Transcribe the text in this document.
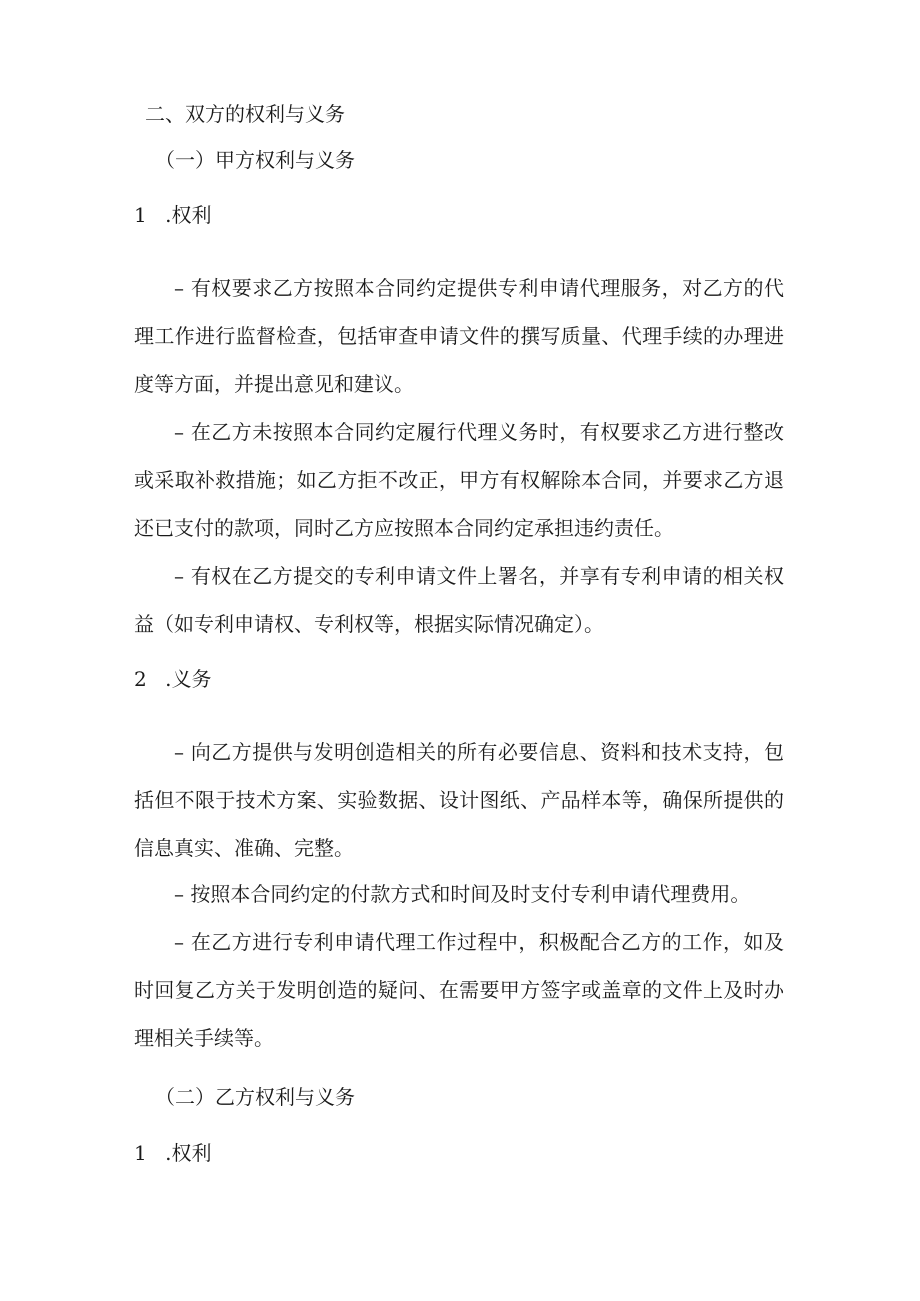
二、双方的权利与义务
（一）甲方权利与义务
1 .权利
– 有权要求乙方按照本合同约定提供专利申请代理服务，对乙方的代
理工作进行监督检查，包括审查申请文件的撰写质量、代理手续的办理进
度等方面，并提出意见和建议。
– 在乙方未按照本合同约定履行代理义务时，有权要求乙方进行整改
或采取补救措施；如乙方拒不改正，甲方有权解除本合同，并要求乙方退
还已支付的款项，同时乙方应按照本合同约定承担违约责任。
– 有权在乙方提交的专利申请文件上署名，并享有专利申请的相关权
益（如专利申请权、专利权等，根据实际情况确定）。
2 .义务
– 向乙方提供与发明创造相关的所有必要信息、资料和技术支持，包
括但不限于技术方案、实验数据、设计图纸、产品样本等，确保所提供的
信息真实、准确、完整。
– 按照本合同约定的付款方式和时间及时支付专利申请代理费用。
– 在乙方进行专利申请代理工作过程中，积极配合乙方的工作，如及
时回复乙方关于发明创造的疑问、在需要甲方签字或盖章的文件上及时办
理相关手续等。
（二）乙方权利与义务
1 .权利
